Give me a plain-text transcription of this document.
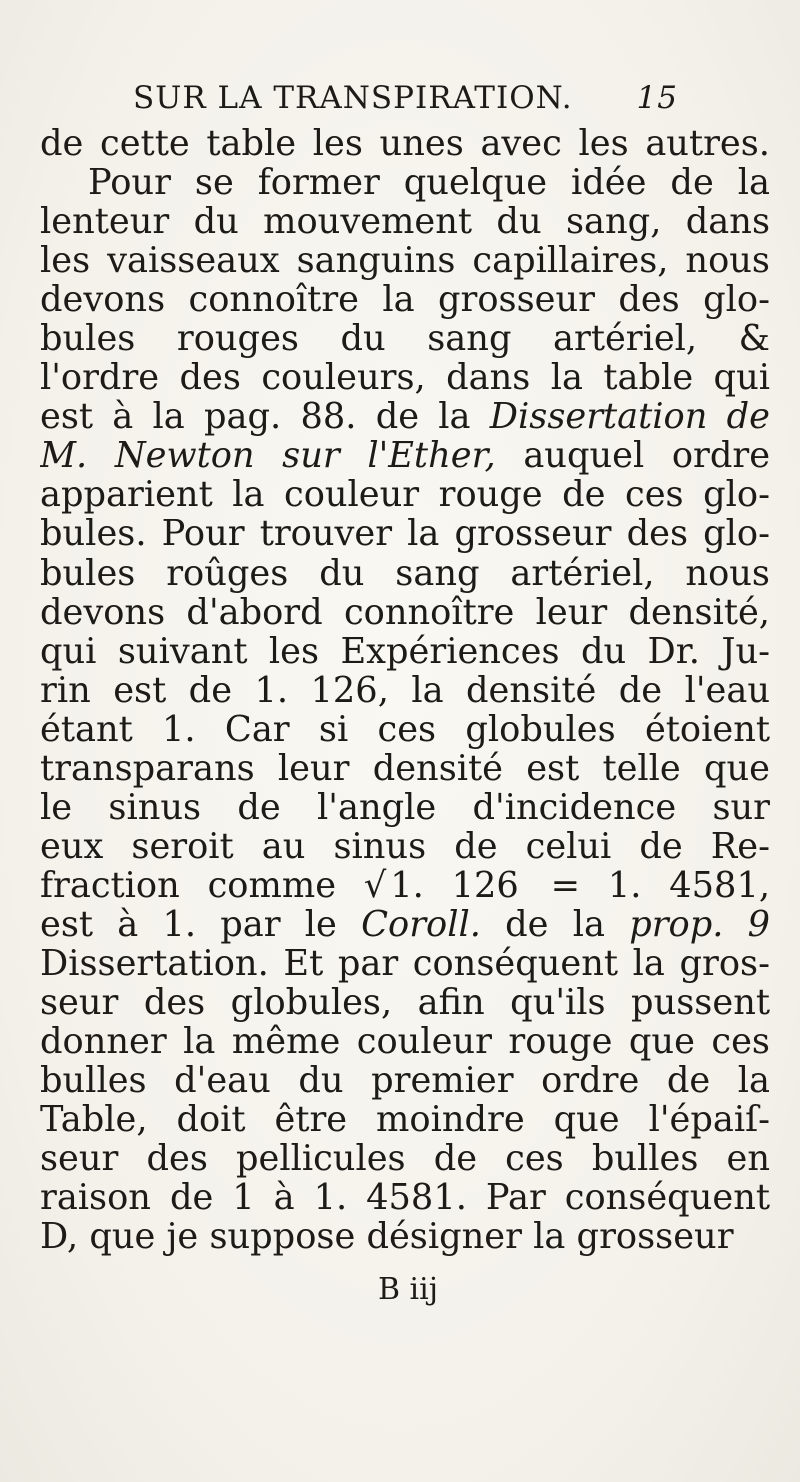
SUR LA TRANSPIRATION. 15
de cette table les unes avec les autres.
Pour se former quelque idée de la
lenteur du mouvement du sang, dans
les vaisseaux sanguins capillaires, nous
devons connoître la grosseur des glo-
bules rouges du sang artériel, &
l'ordre des couleurs, dans la table qui
est à la pag. 88. de la Dissertation de
M. Newton sur l'Ether, auquel ordre
apparient la couleur rouge de ces glo-
bules. Pour trouver la grosseur des glo-
bules roûges du sang artériel, nous
devons d'abord connoître leur densité,
qui suivant les Expériences du Dr. Ju-
rin est de 1. 126, la densité de l'eau
étant 1. Car si ces globules étoient
transparans leur densité est telle que
le sinus de l'angle d'incidence sur
eux seroit au sinus de celui de Re-
fraction comme √ 1. 126 = 1. 4581,
est à 1. par le Coroll. de la prop. 9
Dissertation. Et par conséquent la gros-
seur des globules, afin qu'ils pussent
donner la même couleur rouge que ces
bulles d'eau du premier ordre de la
Table, doit être moindre que l'épaiſ-
seur des pellicules de ces bulles en
raison de 1 à 1. 4581. Par conséquent
D, que je suppose désigner la grosseur
B iij
